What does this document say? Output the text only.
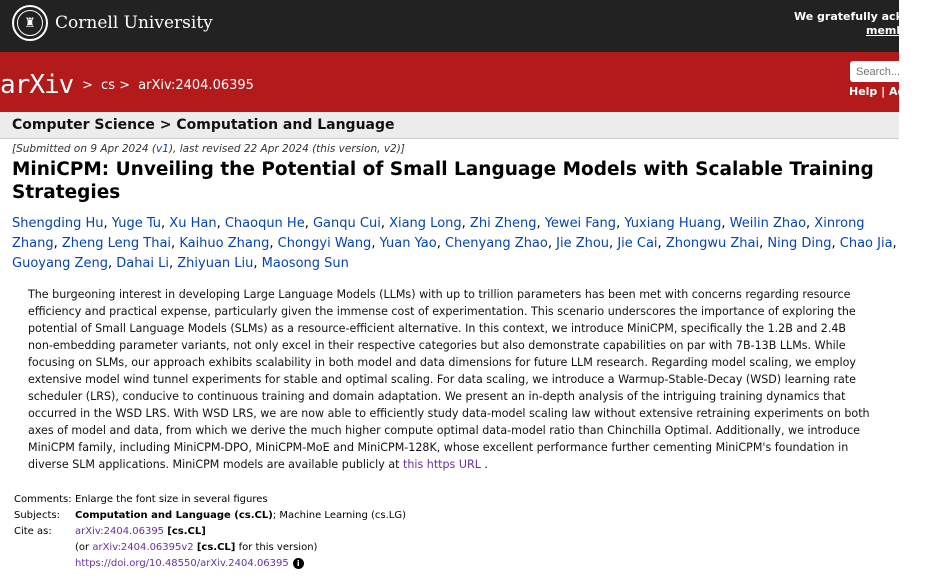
♜	Cornell University	We gratefully acknowl
membe
arXiv > cs > arXiv:2404.06395
Search...	Help | Adv
Computer Science > Computation and Language
[Submitted on 9 Apr 2024 (v1), last revised 22 Apr 2024 (this version, v2)]
MiniCPM: Unveiling the Potential of Small Language Models with Scalable Training Strategies
Shengding Hu, Yuge Tu, Xu Han, Chaoqun He, Ganqu Cui, Xiang Long, Zhi Zheng, Yewei Fang, Yuxiang Huang, Weilin Zhao, Xinrong Zhang, Zheng Leng Thai, Kaihuo Zhang, Chongyi Wang, Yuan Yao, Chenyang Zhao, Jie Zhou, Jie Cai, Zhongwu Zhai, Ning Ding, Chao Jia, Guoyang Zeng, Dahai Li, Zhiyuan Liu, Maosong Sun
The burgeoning interest in developing Large Language Models (LLMs) with up to trillion parameters has been met with concerns regarding resource efficiency and practical expense, particularly given the immense cost of experimentation. This scenario underscores the importance of exploring the potential of Small Language Models (SLMs) as a resource-efficient alternative. In this context, we introduce MiniCPM, specifically the 1.2B and 2.4B non-embedding parameter variants, not only excel in their respective categories but also demonstrate capabilities on par with 7B-13B LLMs. While focusing on SLMs, our approach exhibits scalability in both model and data dimensions for future LLM research. Regarding model scaling, we employ extensive model wind tunnel experiments for stable and optimal scaling. For data scaling, we introduce a Warmup-Stable-Decay (WSD) learning rate scheduler (LRS), conducive to continuous training and domain adaptation. We present an in-depth analysis of the intriguing training dynamics that occurred in the WSD LRS. With WSD LRS, we are now able to efficiently study data-model scaling law without extensive retraining experiments on both axes of model and data, from which we derive the much higher compute optimal data-model ratio than Chinchilla Optimal. Additionally, we introduce MiniCPM family, including MiniCPM-DPO, MiniCPM-MoE and MiniCPM-128K, whose excellent performance further cementing MiniCPM's foundation in diverse SLM applications. MiniCPM models are available publicly at this https URL .
Comments: Enlarge the font size in several figures
Subjects:	Computation and Language (cs.CL); Machine Learning (cs.LG)
Cite as:	arXiv:2404.06395 [cs.CL]
(or arXiv:2404.06395v2 [cs.CL] for this version)
https://doi.org/10.48550/arXiv.2404.06395 i
